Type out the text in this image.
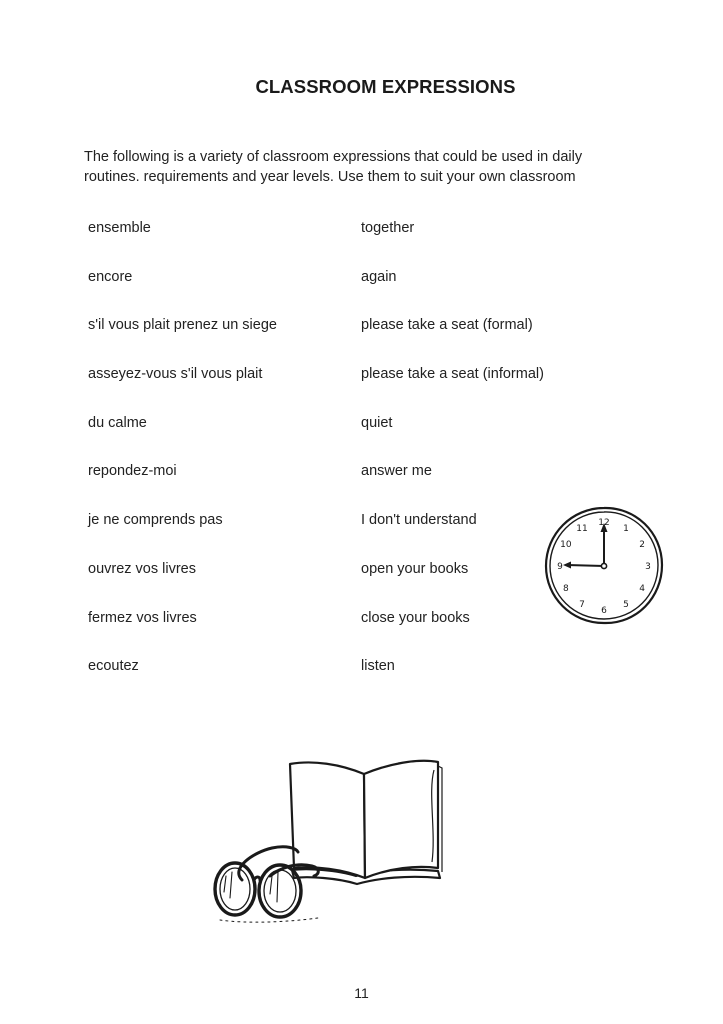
CLASSROOM EXPRESSIONS
The following is a variety of classroom expressions that could be used in daily
routines. requirements and year levels. Use them to suit your own classroom
ensemble	together
encore	again
s'il vous plait prenez un siege	please take a seat (formal)
asseyez-vous s'il vous plait	please take a seat (informal)
du calme	quiet
repondez-moi	answer me
je ne comprends pas	I don't understand
ouvrez vos livres	open your books
fermez vos livres	close your books
ecoutez	listen
12
1
2
3
4
5
6
7
8
9
10
11
11
